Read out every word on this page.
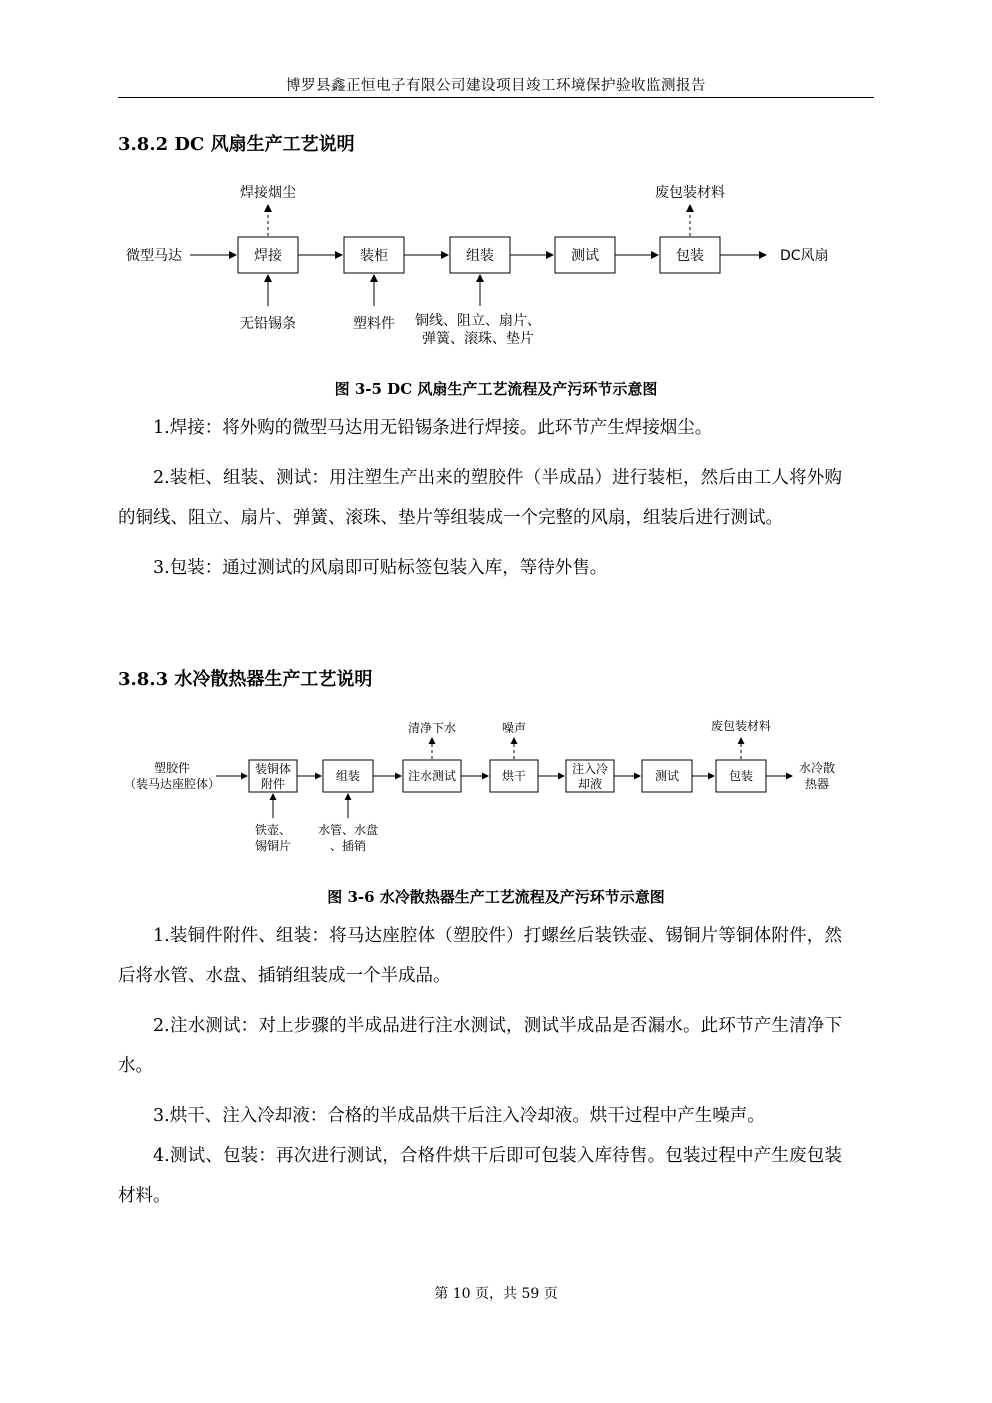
博罗县鑫正恒电子有限公司建设项目竣工环境保护验收监测报告
3.8.2 DC 风扇生产工艺说明
微型马达	焊接	装柜	组装	测试	包装	DC风扇
焊接烟尘	废包装材料
无铅锡条	塑料件 铜线、阻立、扇片、
弹簧、滚珠、垫片
图 3-5 DC 风扇生产工艺流程及产污环节示意图

1.焊接：将外购的微型马达用无铅锡条进行焊接。此环节产生焊接烟尘。

2.装柜、组装、测试：用注塑生产出来的塑胶件（半成品）进行装柜，然后由工人将外购的铜线、阻立、扇片、弹簧、滚珠、垫片等组装成一个完整的风扇，组装后进行测试。

3.包装：通过测试的风扇即可贴标签包装入库，等待外售。

3.8.3 水冷散热器生产工艺说明
塑胶件
（装马达座腔体）
装铜体
附件
组装	注水测试	烘干	注入冷
却液
测试	包装
水冷散
热器
清净下水	噪声	废包装材料
铁壶、
锡铜片
水管、水盘
、插销
图 3-6 水冷散热器生产工艺流程及产污环节示意图

1.装铜件附件、组装：将马达座腔体（塑胶件）打螺丝后装铁壶、锡铜片等铜体附件，然后将水管、水盘、插销组装成一个半成品。

2.注水测试：对上步骤的半成品进行注水测试，测试半成品是否漏水。此环节产生清净下水。

3.烘干、注入冷却液：合格的半成品烘干后注入冷却液。烘干过程中产生噪声。

4.测试、包装：再次进行测试，合格件烘干后即可包装入库待售。包装过程中产生废包装材料。

第 10 页，共 59 页
